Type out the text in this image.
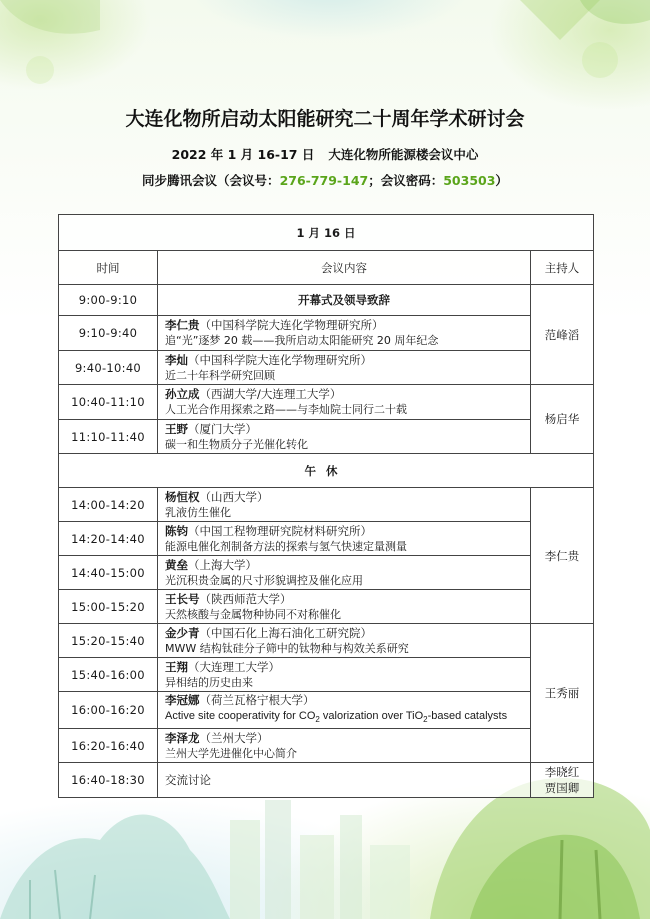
大连化物所启动太阳能研究二十周年学术研讨会
2022 年 1 月 16-17 日 大连化物所能源楼会议中心
同步腾讯会议（会议号：276-779-147；会议密码：503503）
1 月 16 日		
时间	会议内容	主持人
9:00-9:10	开幕式及领导致辞	范峰滔
9:10-9:40	李仁贵（中国科学院大连化学物理研究所）
追“光”逐梦 20 载——我所启动太阳能研究 20 周年纪念	

9:40-10:40	李灿（中国科学院大连化学物理研究所）
近二十年科学研究回顾	

10:40-11:10	孙立成（西湖大学/大连理工大学）
人工光合作用探索之路——与李灿院士同行二十载	杨启华
11:10-11:40	王野（厦门大学）
碳一和生物质分子光催化转化	

午休		
14:00-14:20	杨恒权（山西大学）
乳液仿生催化	李仁贵
14:20-14:40	陈钧（中国工程物理研究院材料研究所）
能源电催化剂制备方法的探索与氢气快速定量测量	

14:40-15:00	黄垒（上海大学）
光沉积贵金属的尺寸形貌调控及催化应用	

15:00-15:20	王长号（陕西师范大学）
天然核酸与金属物种协同不对称催化	

15:20-15:40	金少青（中国石化上海石油化工研究院）
MWW 结构钛硅分子筛中的钛物种与构效关系研究	王秀丽
15:40-16:00	王翔（大连理工大学）
异相结的历史由来	

16:00-16:20	李冠娜（荷兰瓦格宁根大学）
Active site cooperativity for $CO_2$ valorization over TiO$_2$-based catalysts	

16:20-16:40	李泽龙（兰州大学）
兰州大学先进催化中心简介	

16:40-18:30	交流讨论	李晓红
贾国卿
